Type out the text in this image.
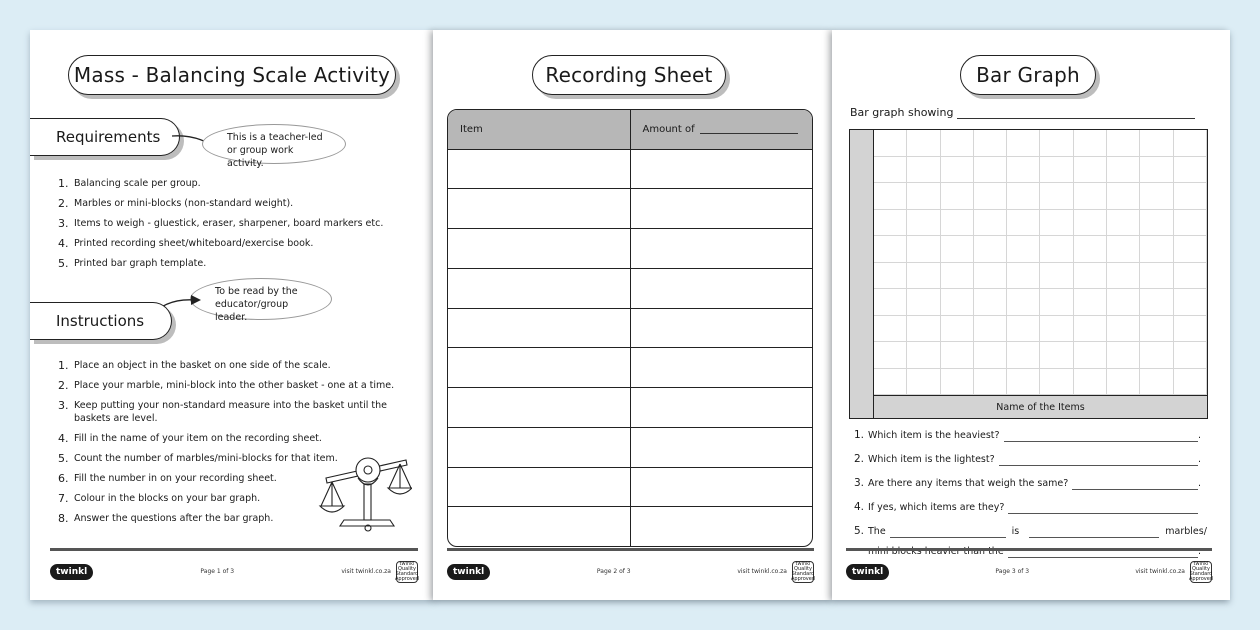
Mass - Balancing Scale Activity
Requirements	This is a teacher-led or group work activity.
1. Balancing scale per group.
2. Marbles or mini-blocks (non-standard weight).
3. Items to weigh - gluestick, eraser, sharpener, board markers etc.
4. Printed recording sheet/whiteboard/exercise book.
5. Printed bar graph template.
To be read by the educator/group leader.
Instructions
1. Place an object in the basket on one side of the scale.
2. Place your marble, mini-block into the other basket - one at a time.
3. Keep putting your non-standard measure into the basket until the baskets are level.
4. Fill in the name of your item on the recording sheet.
5. Count the number of marbles/mini-blocks for that item.
6. Fill the number in on your recording sheet.
7. Colour in the blocks on your bar graph.
8. Answer the questions after the bar graph.
twinkl	Page 1 of 3	visit twinkl.co.za
twinkl Quality Standard Approved
Recording Sheet
Item	Amount of
twinkl	Page 2 of 3	visit twinkl.co.za
twinkl Quality Standard Approved
Bar Graph
Bar graph showing
Name of the Items
1. Which item is the heaviest?	.
2. Which item is the lightest?	.
3. Are there any items that weigh the same?	.
4. If yes, which items are they?
5. The	is	marbles/
mini blocks heavier than the	.
twinkl	Page 3 of 3	visit twinkl.co.za
twinkl Quality Standard Approved
